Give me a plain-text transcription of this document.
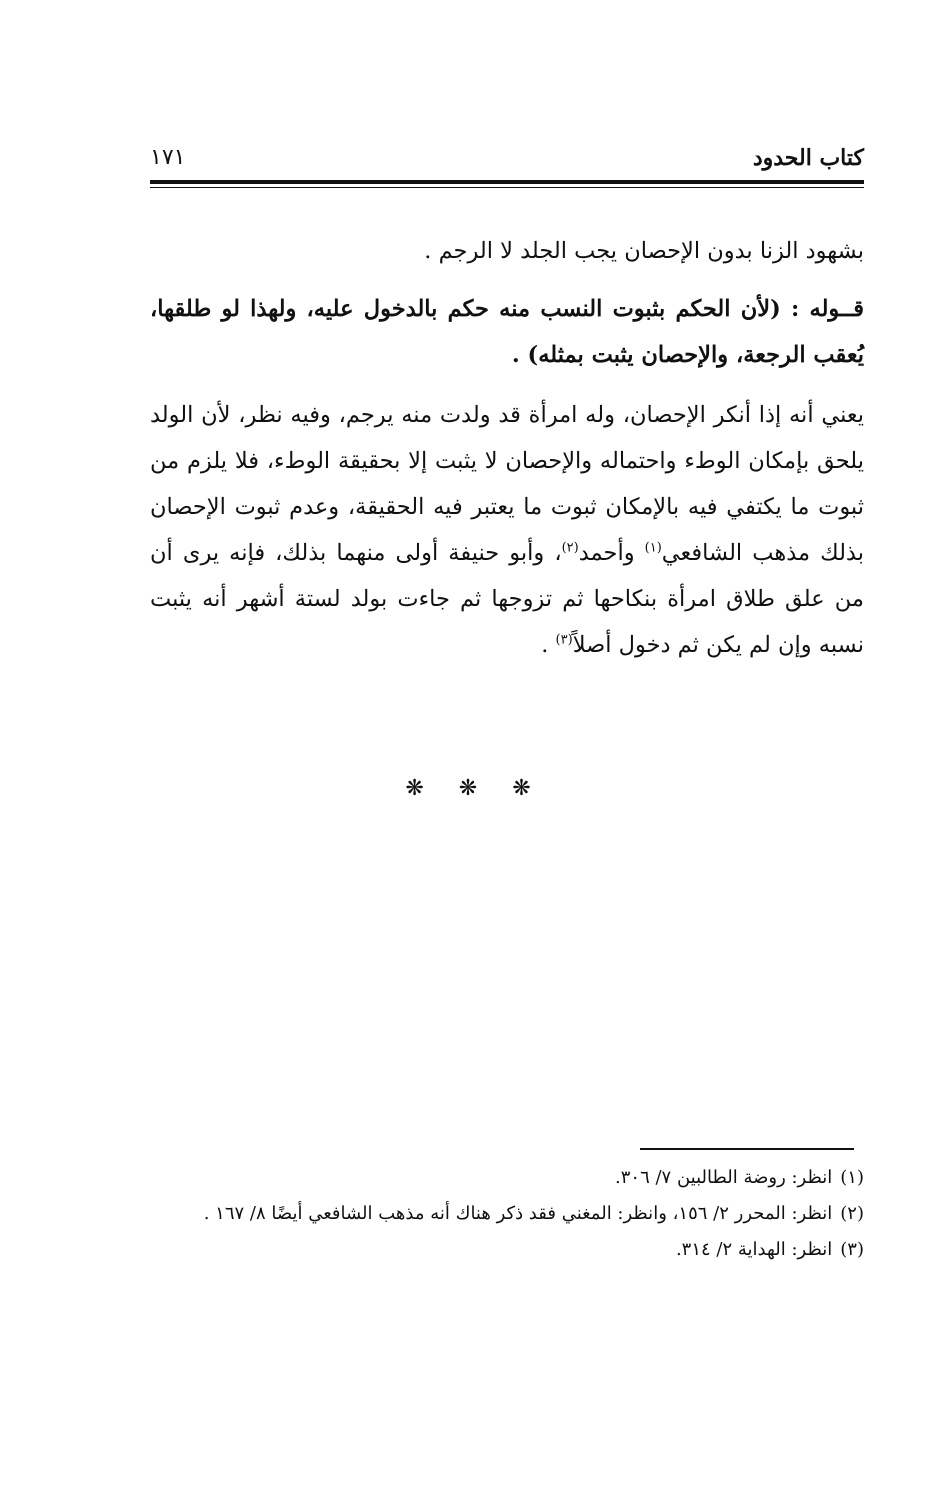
كتاب الحدود
١٧١

بشهود الزنا بدون الإحصان يجب الجلد لا الرجم .

قــوله : (لأن الحكم بثبوت النسب منه حكم بالدخول عليه، ولهذا لو طلقها، يُعقب الرجعة، والإحصان يثبت بمثله) .

يعني أنه إذا أنكر الإحصان، وله امرأة قد ولدت منه يرجم، وفيه نظر، لأن الولد يلحق بإمكان الوطء واحتماله والإحصان لا يثبت إلا بحقيقة الوطء، فلا يلزم من ثبوت ما يكتفي فيه بالإمكان ثبوت ما يعتبر فيه الحقيقة، وعدم ثبوت الإحصان بذلك مذهب الشافعي$^{(١)}$ وأحمد$^{(٢)}$، وأبو حنيفة أولى منهما بذلك، فإنه يرى أن من علق طلاق امرأة بنكاحها ثم تزوجها ثم جاءت بولد لستة أشهر أنه يثبت نسبه وإن لم يكن ثم دخول أصلاً$^{(٣)}$ .

❋ ❋ ❋

(١)انظر: روضة الطالبين ٧/ ٣٠٦.

(٢)انظر: المحرر ٢/ ١٥٦، وانظر: المغني فقد ذكر هناك أنه مذهب الشافعي أيضًا ٨/ ١٦٧ .

(٣)انظر: الهداية ٢/ ٣١٤.
